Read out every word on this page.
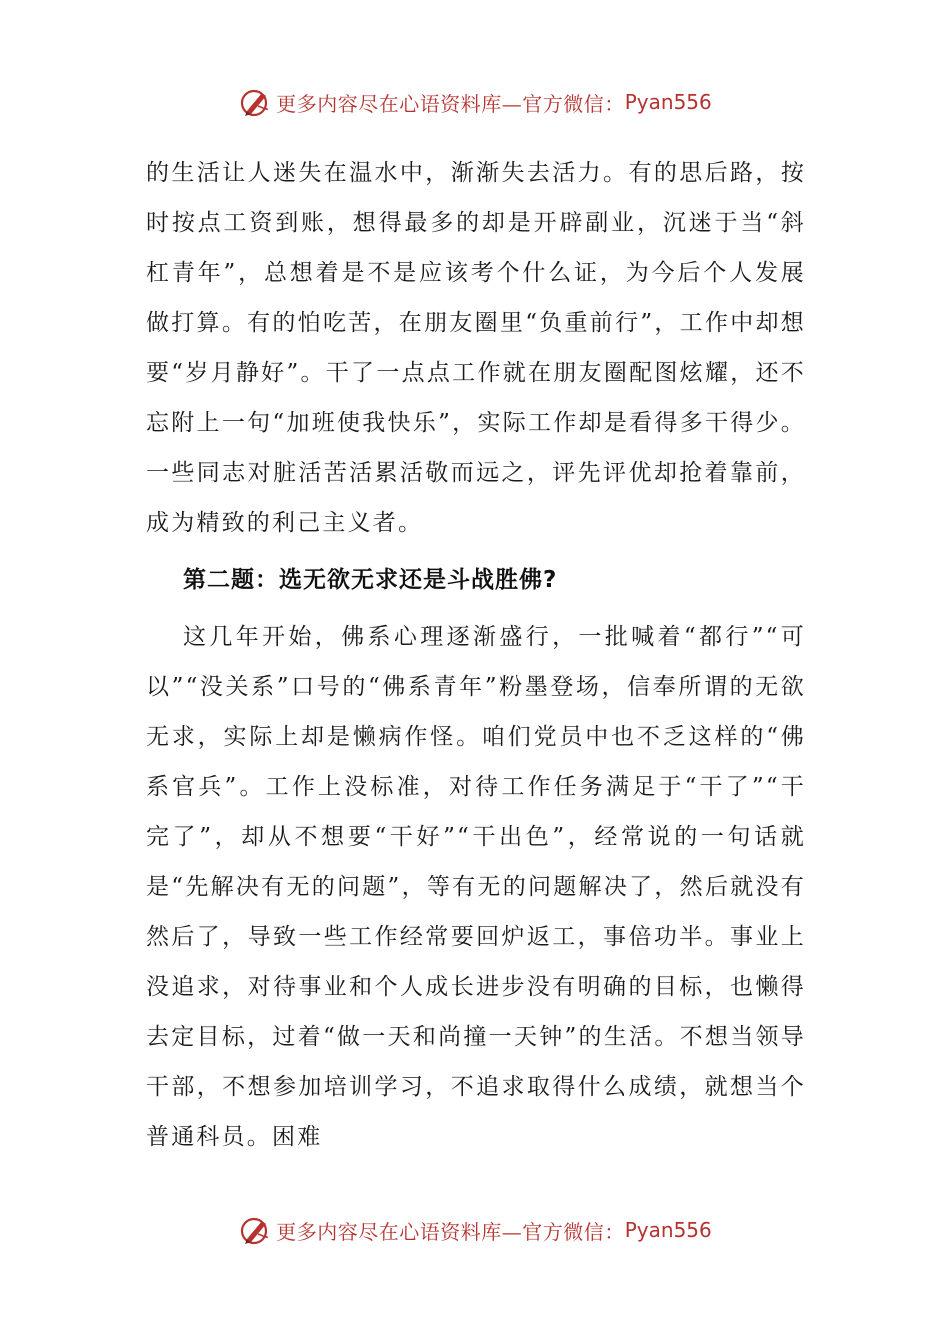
更多内容尽在心语资料库—官方微信： Pyan556

的生活让人迷失在温水中，渐渐失去活力。有的思后路，按时按点工资到账，想得最多的却是开辟副业，沉迷于当“斜杠青年”，总想着是不是应该考个什么证，为今后个人发展做打算。有的怕吃苦，在朋友圈里“负重前行”，工作中却想要“岁月静好”。干了一点点工作就在朋友圈配图炫耀，还不忘附上一句“加班使我快乐”，实际工作却是看得多干得少。一些同志对脏活苦活累活敬而远之，评先评优却抢着靠前，成为精致的利己主义者。

第二题：选无欲无求还是斗战胜佛?

这几年开始，佛系心理逐渐盛行，一批喊着“都行”“可以”“没关系”口号的“佛系青年”粉墨登场，信奉所谓的无欲无求，实际上却是懒病作怪。咱们党员中也不乏这样的“佛系官兵”。工作上没标准，对待工作任务满足于“干了”“干完了”，却从不想要“干好”“干出色”，经常说的一句话就是“先解决有无的问题”，等有无的问题解决了，然后就没有然后了，导致一些工作经常要回炉返工，事倍功半。事业上没追求，对待事业和个人成长进步没有明确的目标，也懒得去定目标，过着“做一天和尚撞一天钟”的生活。不想当领导干部，不想参加培训学习，不追求取得什么成绩，就想当个普通科员。困难

更多内容尽在心语资料库—官方微信： Pyan556
